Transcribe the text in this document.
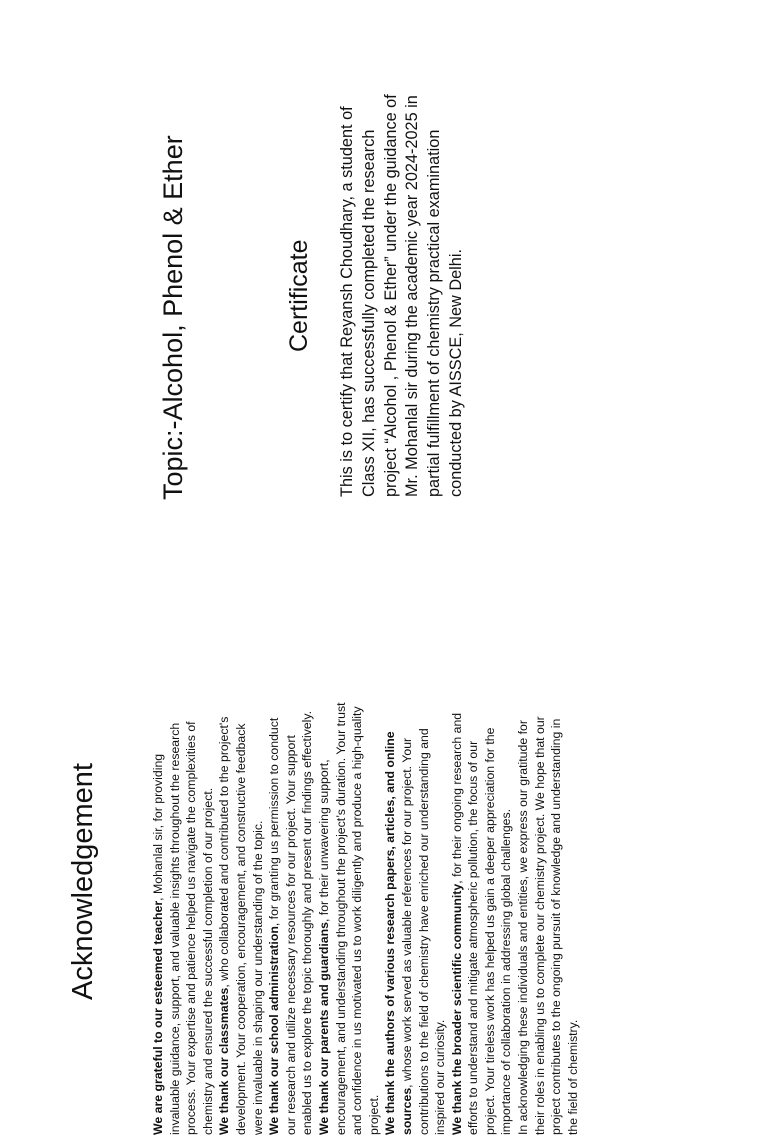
Topic:-Alcohol, Phenol & Ether	Certificate This is to certify that Reyansh Choudhary, a student of Class XII, has successfully completed the research project “Alcohol , Phenol & Ether” under the guidance of Mr. Mohanlal sir during the academic year 2024-2025 in partial fulfillment of chemistry practical examination conducted by AISSCE, New Delhi.

Acknowledgement

We are grateful to our esteemed teacher, Mohanlal sir, for providing invaluable guidance, support, and valuable insights throughout the research process. Your expertise and patience helped us navigate the complexities of chemistry and ensured the successful completion of our project. We thank our classmates, who collaborated and contributed to the project's development. Your cooperation, encouragement, and constructive feedback were invaluable in shaping our understanding of the topic. We thank our school administration, for granting us permission to conduct our research and utilize necessary resources for our project. Your support enabled us to explore the topic thoroughly and present our findings effectively. We thank our parents and guardians, for their unwavering support, encouragement, and understanding throughout the project’s duration. Your trust and confidence in us motivated us to work diligently and produce a high-quality project. We thank the authors of various research papers, articles, and online sources, whose work served as valuable references for our project. Your contributions to the field of chemistry have enriched our understanding and inspired our curiosity. We thank the broader scientific community, for their ongoing research and efforts to understand and mitigate atmospheric pollution, the focus of our project. Your tireless work has helped us gain a deeper appreciation for the importance of collaboration in addressing global challenges. In acknowledging these individuals and entities, we express our gratitude for their roles in enabling us to complete our chemistry project. We hope that our project contributes to the ongoing pursuit of knowledge and understanding in the field of chemistry.
